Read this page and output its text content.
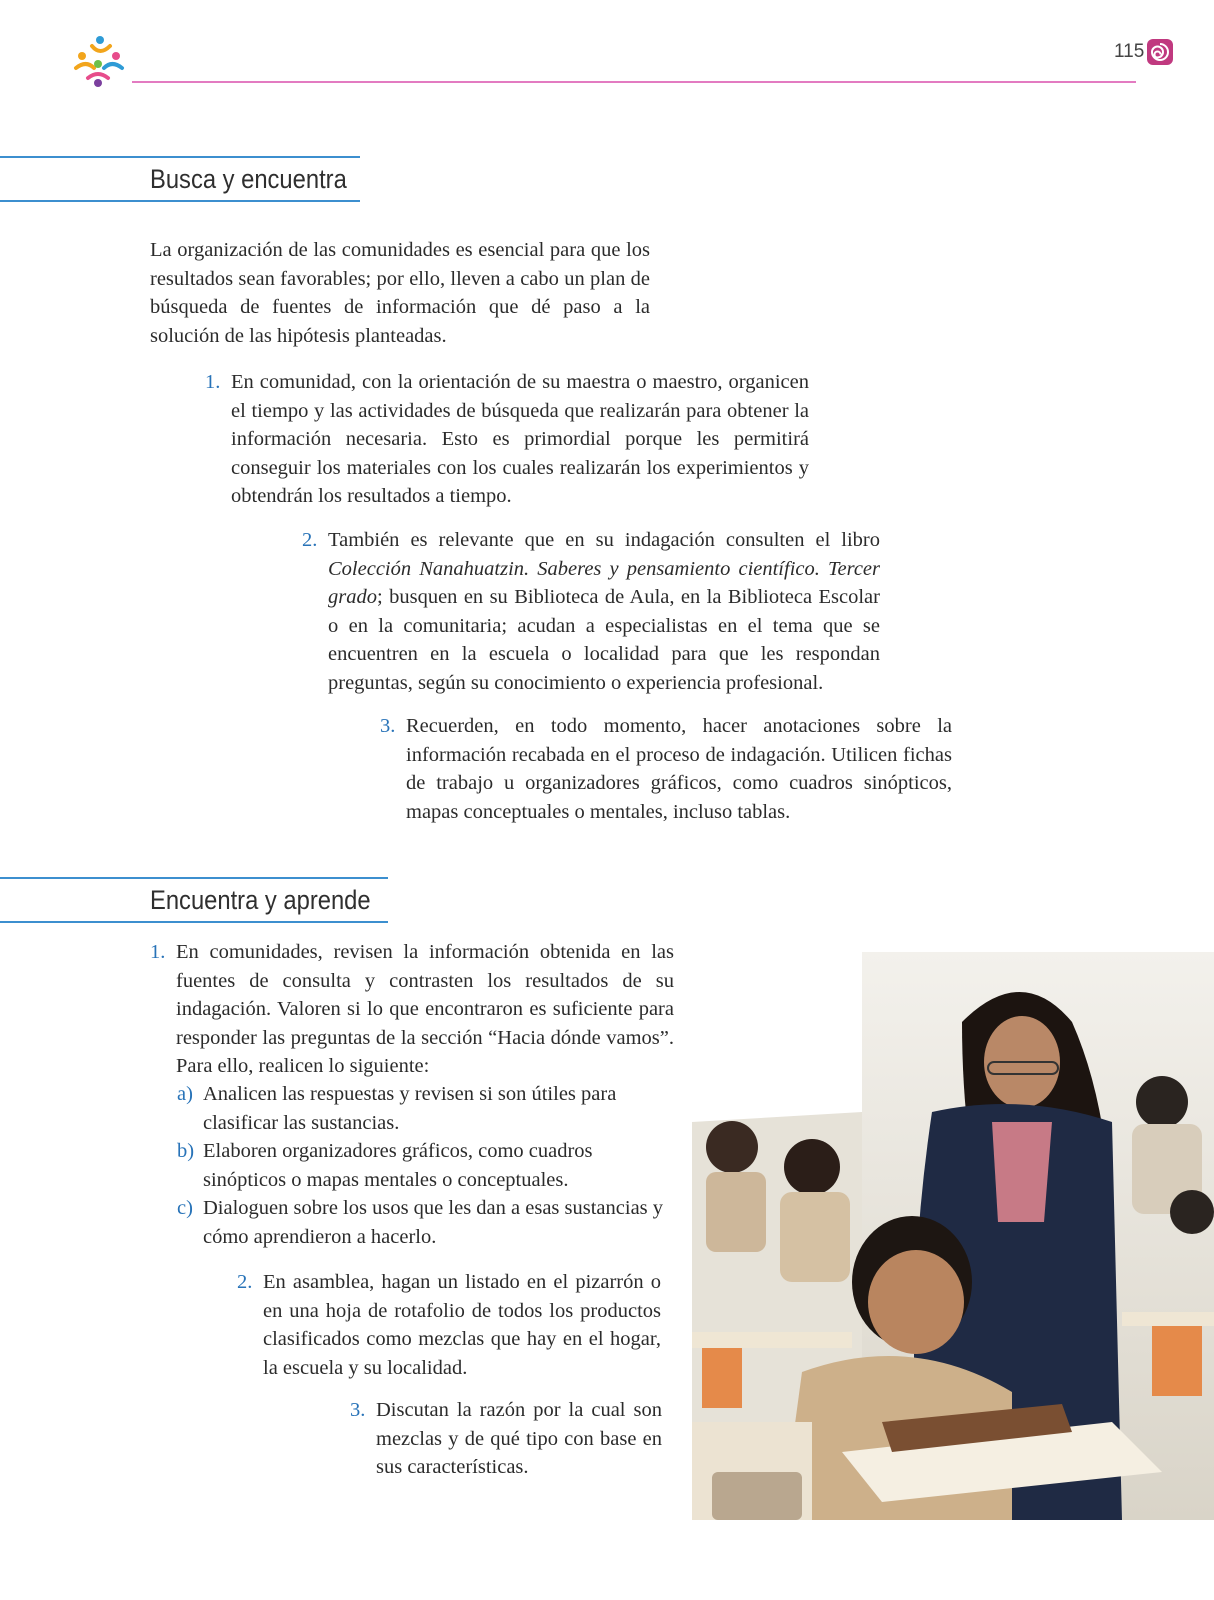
115
Busca y encuentra
La organización de las comunidades es esencial para que los resultados sean favorables; por ello, lleven a cabo un plan de búsqueda de fuentes de información que dé paso a la solución de las hipótesis planteadas.
1. En comunidad, con la orientación de su maestra o maestro, organicen el tiempo y las actividades de búsqueda que realizarán para obtener la información necesaria. Esto es primordial porque les permitirá conseguir los materiales con los cuales realizarán los experimientos y obtendrán los resultados a tiempo.
2. También es relevante que en su indagación consulten el libro Colección Nanahuatzin. Saberes y pensamiento científico. Tercer grado; busquen en su Biblioteca de Aula, en la Biblioteca Escolar o en la comunitaria; acudan a especialistas en el tema que se encuentren en la escuela o localidad para que les respondan preguntas, según su conocimiento o experiencia profesional.
3. Recuerden, en todo momento, hacer anotaciones sobre la información recabada en el proceso de indagación. Utilicen fichas de trabajo u organizadores gráficos, como cuadros sinópticos, mapas conceptuales o mentales, incluso tablas.
Encuentra y aprende
1. En comunidades, revisen la información obtenida en las fuentes de consulta y contrasten los resultados de su indagación. Valoren si lo que encontraron es suficiente para responder las preguntas de la sección “Hacia dónde vamos”. Para ello, realicen lo siguiente:
a) Analicen las respuestas y revisen si son útiles para clasificar las sustancias.
b) Elaboren organizadores gráficos, como cuadros sinópticos o mapas mentales o conceptuales.
c) Dialoguen sobre los usos que les dan a esas sustancias y cómo aprendieron a hacerlo.
2. En asamblea, hagan un listado en el pizarrón o en una hoja de rotafolio de todos los productos clasificados como mezclas que hay en el hogar, la escuela y su localidad.
3. Discutan la razón por la cual son mezclas y de qué tipo con base en sus características.
